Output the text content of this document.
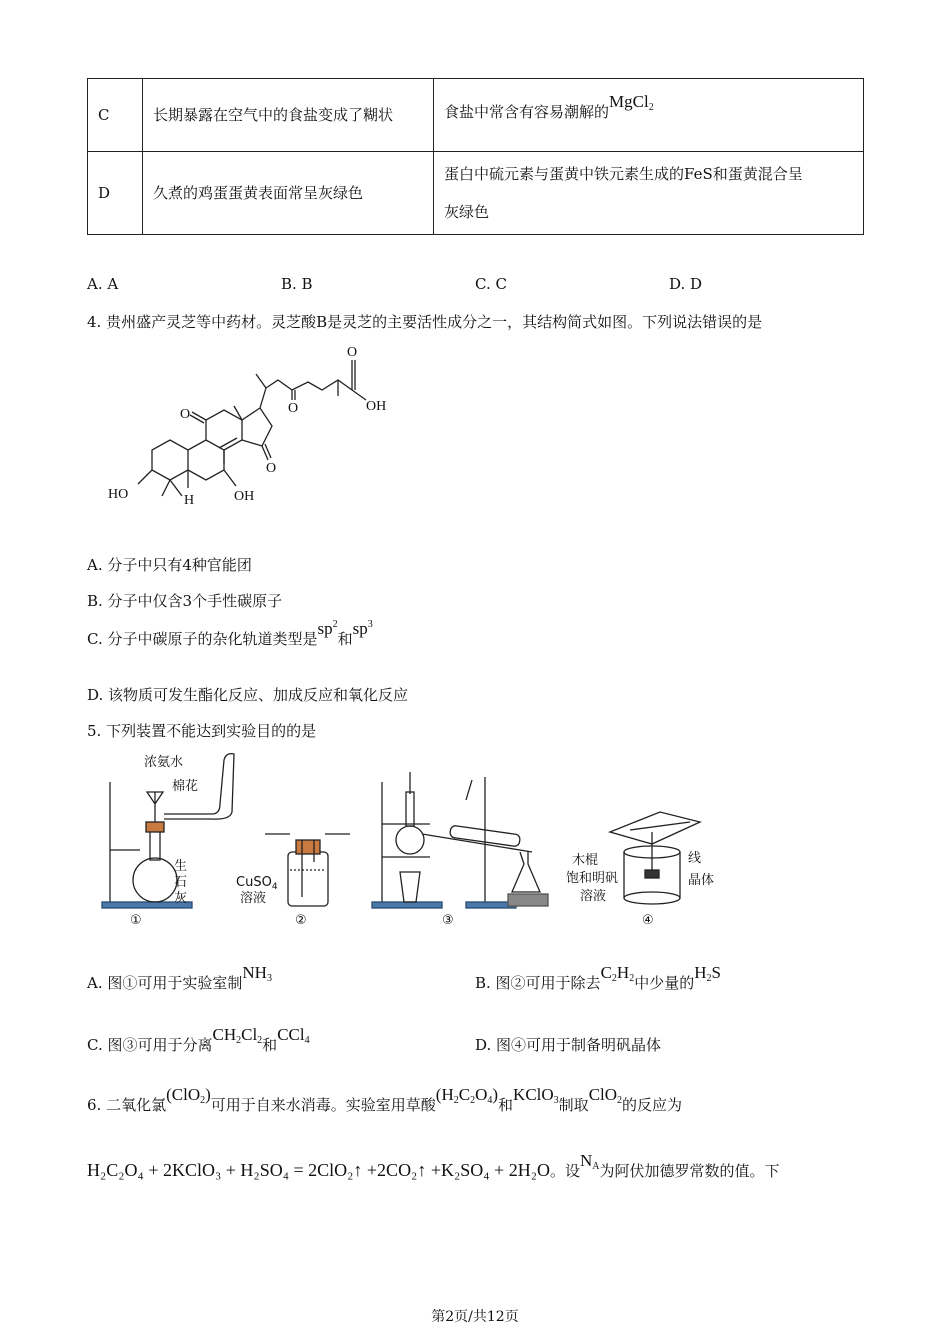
C	长期暴露在空气中的食盐变成了糊状	食盐中常含有容易潮解的MgCl$_2$
D	久煮的鸡蛋蛋黄表面常呈灰绿色	蛋白中硫元素与蛋黄中铁元素生成的FeS和蛋黄混合呈
灰绿色
A. A	B. B	C. C	D. D
4. 贵州盛产灵芝等中药材。灵芝酸B是灵芝的主要活性成分之一，其结构简式如图。下列说法错误的是
O
OH
O
O
O
HO	H	OH
A. 分子中只有4种官能团
B. 分子中仅含3个手性碳原子
C. 分子中碳原子的杂化轨道类型是$sp^2$和$sp^3$
D. 该物质可发生酯化反应、加成反应和氧化反应
5. 下列装置不能达到实验目的的是
浓氨水
棉花
生
石
灰
CuSO$_4$
溶液
木棍	线
饱和明矾	晶体
溶液
①	②	③	④
A. 图①可用于实验室制$NH_3$	B. 图②可用于除去$C_2H_2$中少量的$H_2S$
C. 图③可用于分离$CH_2Cl_2$和CCl$_4$	D. 图④可用于制备明矾晶体
6. 二氧化氯(ClO$_2$)可用于自来水消毒。实验室用草酸$(H_2C_2O_4)$和KClO$_3$制取ClO$_2$的反应为
H₂C₂O₄ + 2KClO₃ + H₂SO₄ = 2ClO₂↑ +2CO₂↑ +K₂SO₄ + 2H₂O。设$N_A$为阿伏加德罗常数的值。下
第2页/共12页
